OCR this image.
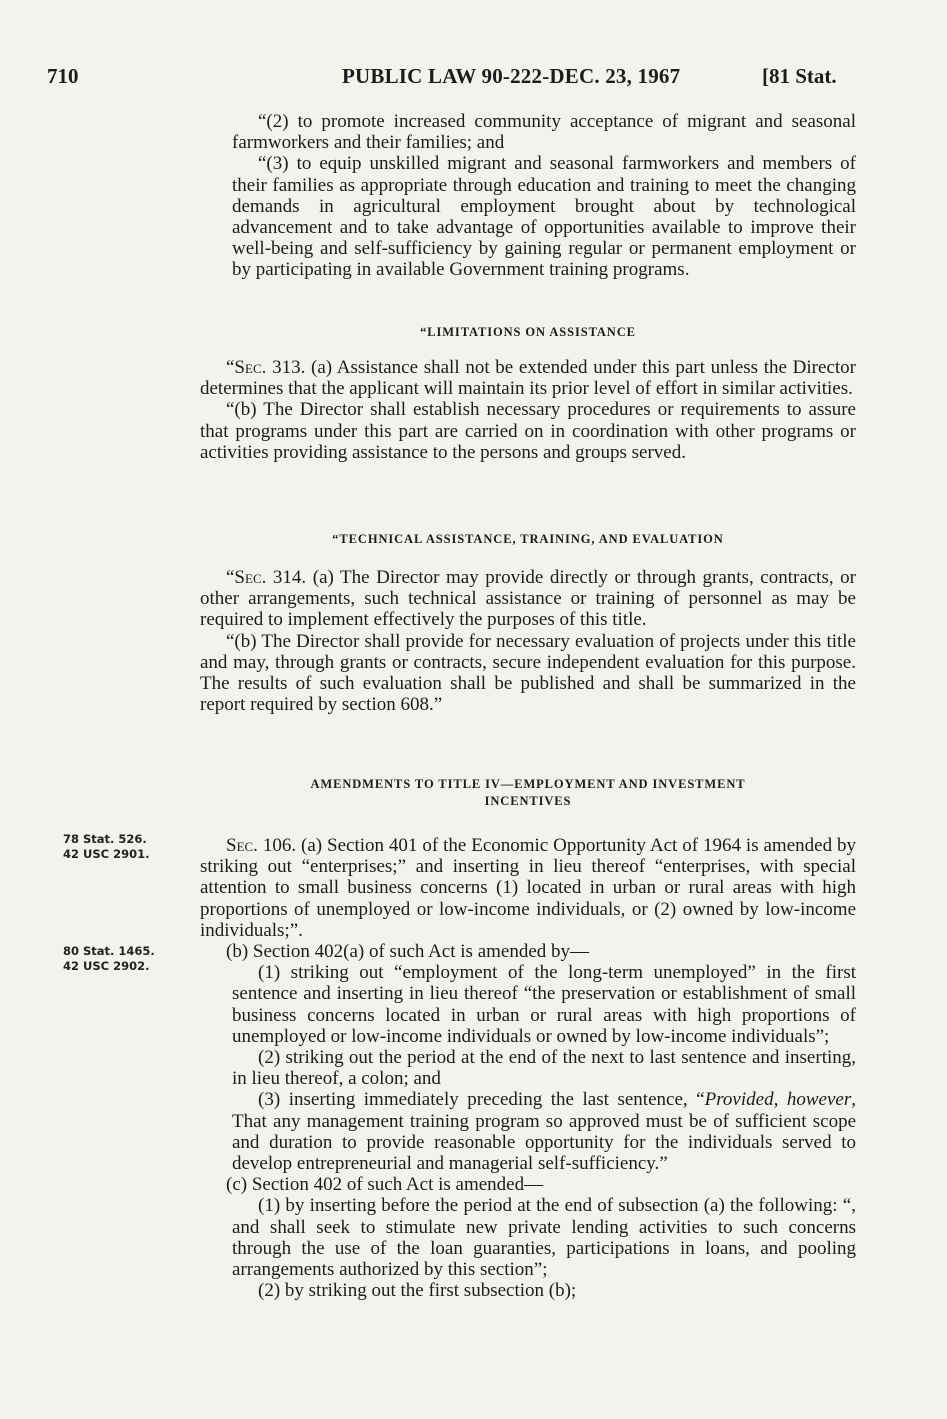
710	PUBLIC LAW 90-222-DEC. 23, 1967	[81 Stat.

“(2) to promote increased community acceptance of migrant and seasonal farmworkers and their families; and

“(3) to equip unskilled migrant and seasonal farmworkers and members of their families as appropriate through education and training to meet the changing demands in agricultural employment brought about by technological advancement and to take advantage of opportunities available to improve their well-being and self-sufficiency by gaining regular or permanent employment or by participating in available Government training programs.

“LIMITATIONS ON ASSISTANCE

“Sec. 313. (a) Assistance shall not be extended under this part unless the Director determines that the applicant will maintain its prior level of effort in similar activities.

“(b) The Director shall establish necessary procedures or requirements to assure that programs under this part are carried on in coordination with other programs or activities providing assistance to the persons and groups served.

“TECHNICAL ASSISTANCE, TRAINING, AND EVALUATION

“Sec. 314. (a) The Director may provide directly or through grants, contracts, or other arrangements, such technical assistance or training of personnel as may be required to implement effectively the purposes of this title.

“(b) The Director shall provide for necessary evaluation of projects under this title and may, through grants or contracts, secure independent evaluation for this purpose. The results of such evaluation shall be published and shall be summarized in the report required by section 608.”

AMENDMENTS TO TITLE IV—EMPLOYMENT AND INVESTMENT
INCENTIVES
78 Stat. 526.
42 USC 2901.
80 Stat. 1465.
42 USC 2902.

Sec. 106. (a) Section 401 of the Economic Opportunity Act of 1964 is amended by striking out “enterprises;” and inserting in lieu thereof “enterprises, with special attention to small business concerns (1) located in urban or rural areas with high proportions of unemployed or low-income individuals, or (2) owned by low-income individuals;”.

(b) Section 402(a) of such Act is amended by—

(1) striking out “employment of the long-term unemployed” in the first sentence and inserting in lieu thereof “the preservation or establishment of small business concerns located in urban or rural areas with high proportions of unemployed or low-income individuals or owned by low-income individuals”;

(2) striking out the period at the end of the next to last sentence and inserting, in lieu thereof, a colon; and

(3) inserting immediately preceding the last sentence, “Provided, however, That any management training program so approved must be of sufficient scope and duration to provide reasonable opportunity for the individuals served to develop entrepreneurial and managerial self-sufficiency.”

(c) Section 402 of such Act is amended—

(1) by inserting before the period at the end of subsection (a) the following: “, and shall seek to stimulate new private lending activities to such concerns through the use of the loan guaranties, participations in loans, and pooling arrangements authorized by this section”;

(2) by striking out the first subsection (b);
